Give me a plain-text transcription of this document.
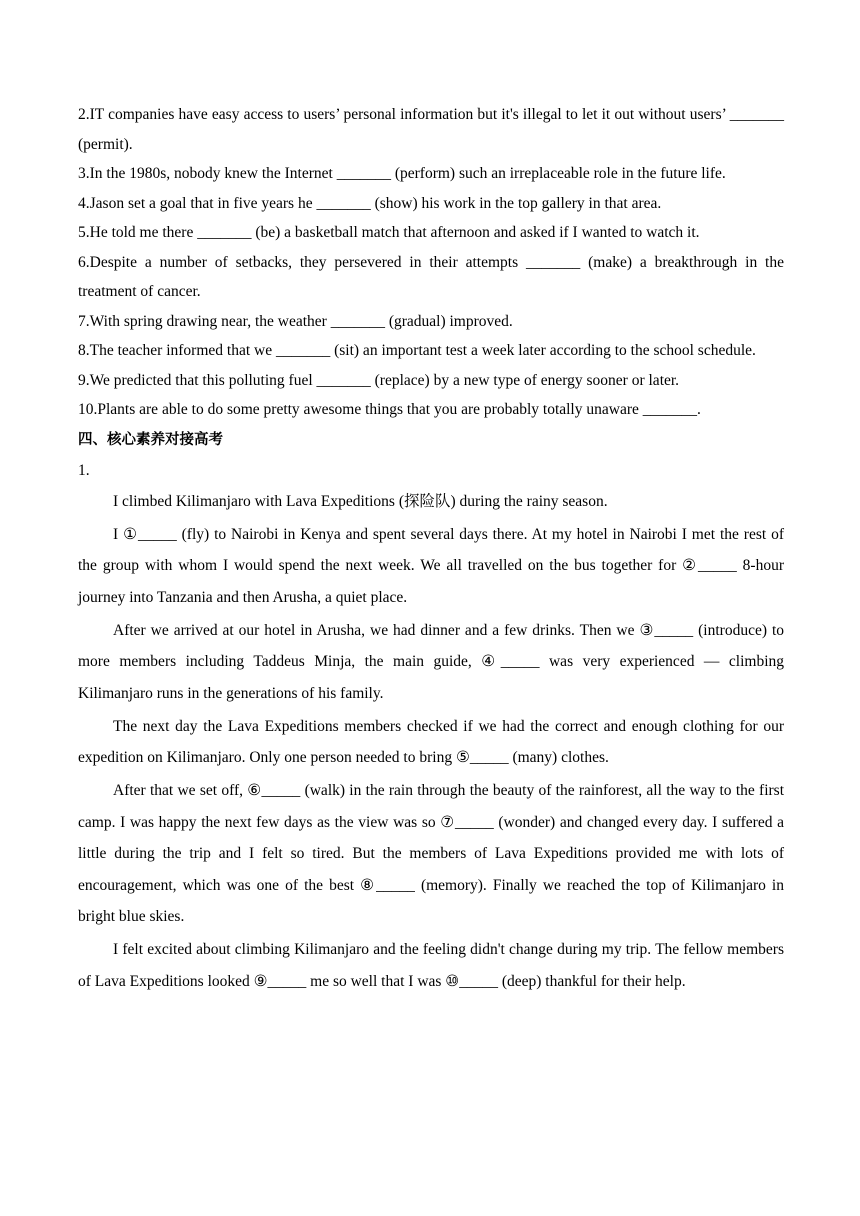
2.IT companies have easy access to users’ personal information but it's illegal to let it out without users’ _______ (permit).

3.In the 1980s, nobody knew the Internet _______ (perform) such an irreplaceable role in the future life.

4.Jason set a goal that in five years he _______ (show) his work in the top gallery in that area.

5.He told me there _______ (be) a basketball match that afternoon and asked if I wanted to watch it.

6.Despite a number of setbacks, they persevered in their attempts _______ (make) a breakthrough in the treatment of cancer.

7.With spring drawing near, the weather _______ (gradual) improved.

8.The teacher informed that we _______ (sit) an important test a week later according to the school schedule.

9.We predicted that this polluting fuel _______ (replace) by a new type of energy sooner or later.

10.Plants are able to do some pretty awesome things that you are probably totally unaware _______.

四、核心素养对接高考

1.

I climbed Kilimanjaro with Lava Expeditions (探险队) during the rainy season.

I ①_____ (fly) to Nairobi in Kenya and spent several days there. At my hotel in Nairobi I met the rest of the group with whom I would spend the next week. We all travelled on the bus together for ②_____ 8-hour journey into Tanzania and then Arusha, a quiet place.

After we arrived at our hotel in Arusha, we had dinner and a few drinks. Then we ③_____ (introduce) to more members including Taddeus Minja, the main guide, ④_____ was very experienced — climbing Kilimanjaro runs in the generations of his family.

The next day the Lava Expeditions members checked if we had the correct and enough clothing for our expedition on Kilimanjaro. Only one person needed to bring ⑤_____ (many) clothes.

After that we set off, ⑥_____ (walk) in the rain through the beauty of the rainforest, all the way to the first camp. I was happy the next few days as the view was so ⑦_____ (wonder) and changed every day. I suffered a little during the trip and I felt so tired. But the members of Lava Expeditions provided me with lots of encouragement, which was one of the best ⑧_____ (memory). Finally we reached the top of Kilimanjaro in bright blue skies.

I felt excited about climbing Kilimanjaro and the feeling didn't change during my trip. The fellow members of Lava Expeditions looked ⑨_____ me so well that I was ⑩_____ (deep) thankful for their help.
